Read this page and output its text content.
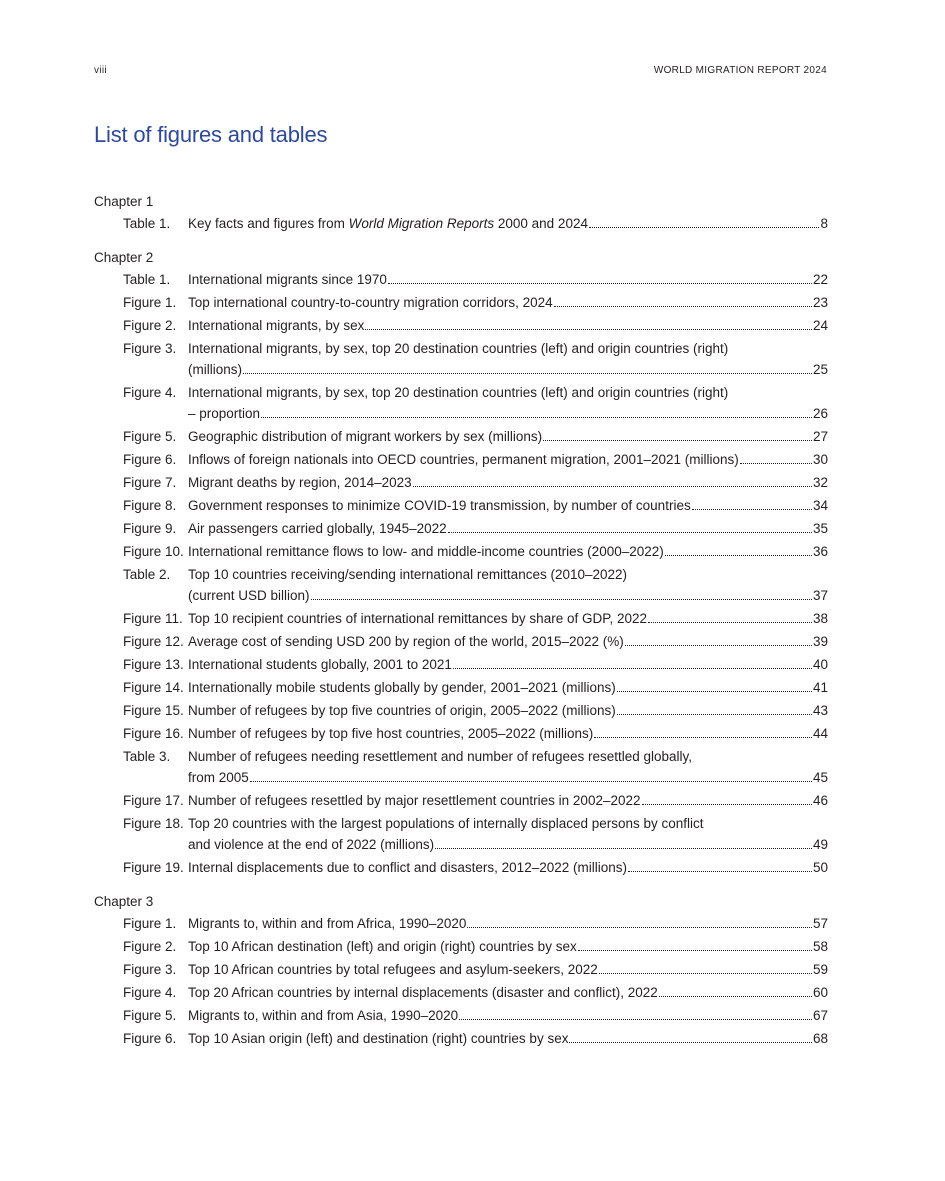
viii	WORLD MIGRATION REPORT 2024
List of figures and tables
Chapter 1
Table 1. Key facts and figures from World Migration Reports 2000 and 2024	8
Chapter 2
Table 1. International migrants since 1970	22
Figure 1. Top international country-to-country migration corridors, 2024	23
Figure 2. International migrants, by sex	24
Figure 3. International migrants, by sex, top 20 destination countries (left) and origin countries (right)
(millions)	25
Figure 4. International migrants, by sex, top 20 destination countries (left) and origin countries (right)
– proportion	26
Figure 5. Geographic distribution of migrant workers by sex (millions)	27
Figure 6. Inflows of foreign nationals into OECD countries, permanent migration, 2001–2021 (millions)	30
Figure 7. Migrant deaths by region, 2014–2023	32
Figure 8. Government responses to minimize COVID-19 transmission, by number of countries	34
Figure 9. Air passengers carried globally, 1945–2022	35
Figure 10. International remittance flows to low- and middle-income countries (2000–2022)	36
Table 2. Top 10 countries receiving/sending international remittances (2010–2022)
(current USD billion)	37
Figure 11. Top 10 recipient countries of international remittances by share of GDP, 2022	38
Figure 12. Average cost of sending USD 200 by region of the world, 2015–2022 (%)	39
Figure 13. International students globally, 2001 to 2021	40
Figure 14. Internationally mobile students globally by gender, 2001–2021 (millions)	41
Figure 15. Number of refugees by top five countries of origin, 2005–2022 (millions)	43
Figure 16. Number of refugees by top five host countries, 2005–2022 (millions)	44
Table 3. Number of refugees needing resettlement and number of refugees resettled globally,
from 2005	45
Figure 17. Number of refugees resettled by major resettlement countries in 2002–2022	46
Figure 18. Top 20 countries with the largest populations of internally displaced persons by conflict
and violence at the end of 2022 (millions)	49
Figure 19. Internal displacements due to conflict and disasters, 2012–2022 (millions)	50
Chapter 3
Figure 1. Migrants to, within and from Africa, 1990–2020	57
Figure 2. Top 10 African destination (left) and origin (right) countries by sex	58
Figure 3. Top 10 African countries by total refugees and asylum-seekers, 2022	59
Figure 4. Top 20 African countries by internal displacements (disaster and conflict), 2022	60
Figure 5. Migrants to, within and from Asia, 1990–2020	67
Figure 6. Top 10 Asian origin (left) and destination (right) countries by sex	68
